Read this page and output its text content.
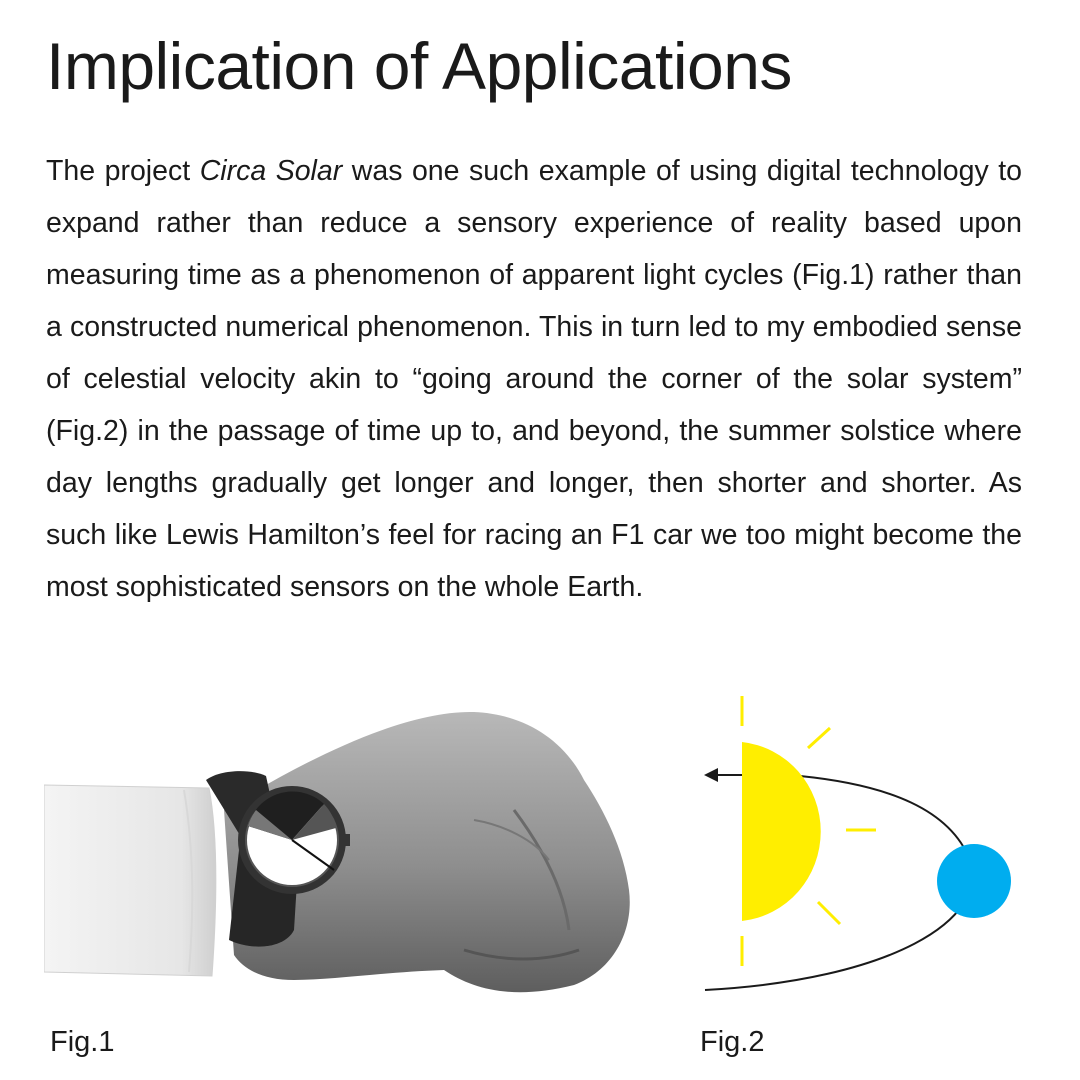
Implication of Applications

The project Circa Solar was one such example of using digital technology to expand rather than reduce a sensory experience of reality based upon measuring time as a phenomenon of apparent light cycles (Fig.1) rather than a constructed numerical phenomenon. This in turn led to my embodied sense of celestial velocity akin to “going around the corner of the solar system” (Fig.2) in the passage of time up to, and beyond, the summer solstice where day lengths gradually get longer and longer, then shorter and shorter. As such like Lewis Hamilton’s feel for racing an F1 car we too might become the most sophisticated sensors on the whole Earth.

Fig.1	Fig.2
